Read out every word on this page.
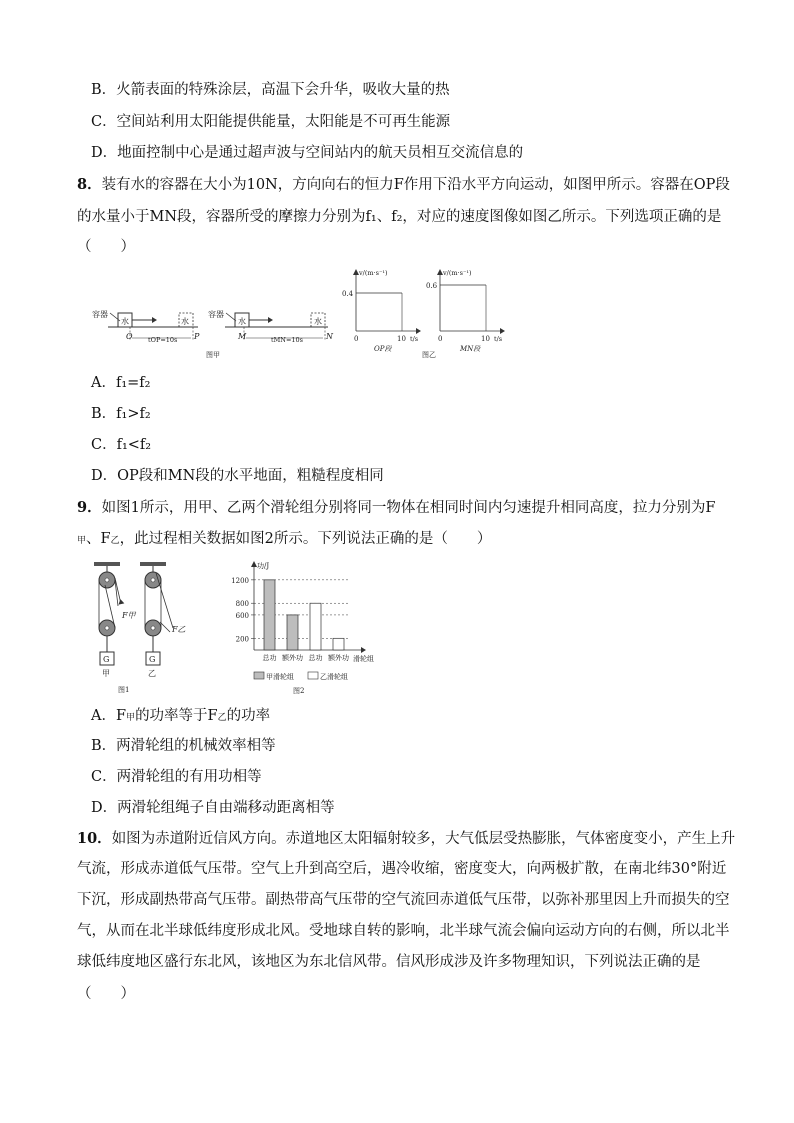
B．火箭表面的特殊涂层，高温下会升华，吸收大量的热
C．空间站利用太阳能提供能量，太阳能是不可再生能源
D．地面控制中心是通过超声波与空间站内的航天员相互交流信息的
8．装有水的容器在大小为10N，方向向右的恒力F作用下沿水平方向运动，如图甲所示。容器在OP段
的水量小于MN段，容器所受的摩擦力分别为f₁、f₂，对应的速度图像如图乙所示。下列选项正确的是
（　　）
容器
水	水
O	P
tOP=10s
容器
水	水
M	N
tMN=10s
图甲
v/(m·s⁻¹)
0.4
0	10 t/s
OP段
图乙
v/(m·s⁻¹)
0.6
0	10 t/s
MN段
A．f₁=f₂
B．f₁>f₂
C．f₁<f₂
D．OP段和MN段的水平地面，粗糙程度相同
9．如图1所示，用甲、乙两个滑轮组分别将同一物体在相同时间内匀速提升相同高度，拉力分别为F
甲、F乙，此过程相关数据如图2所示。下列说法正确的是（　　）
F甲
G
甲
F乙
G
乙
图1
功/J
滑轮组
200
600
800
1200
总功 额外功 总功 额外功
甲滑轮组	乙滑轮组
图2
A．F甲的功率等于F乙的功率
B．两滑轮组的机械效率相等
C．两滑轮组的有用功相等
D．两滑轮组绳子自由端移动距离相等
10．如图为赤道附近信风方向。赤道地区太阳辐射较多，大气低层受热膨胀，气体密度变小，产生上升
气流，形成赤道低气压带。空气上升到高空后，遇冷收缩，密度变大，向两极扩散，在南北纬30°附近
下沉，形成副热带高气压带。副热带高气压带的空气流回赤道低气压带，以弥补那里因上升而损失的空
气，从而在北半球低纬度形成北风。受地球自转的影响，北半球气流会偏向运动方向的右侧，所以北半
球低纬度地区盛行东北风，该地区为东北信风带。信风形成涉及许多物理知识，下列说法正确的是
（　　）
